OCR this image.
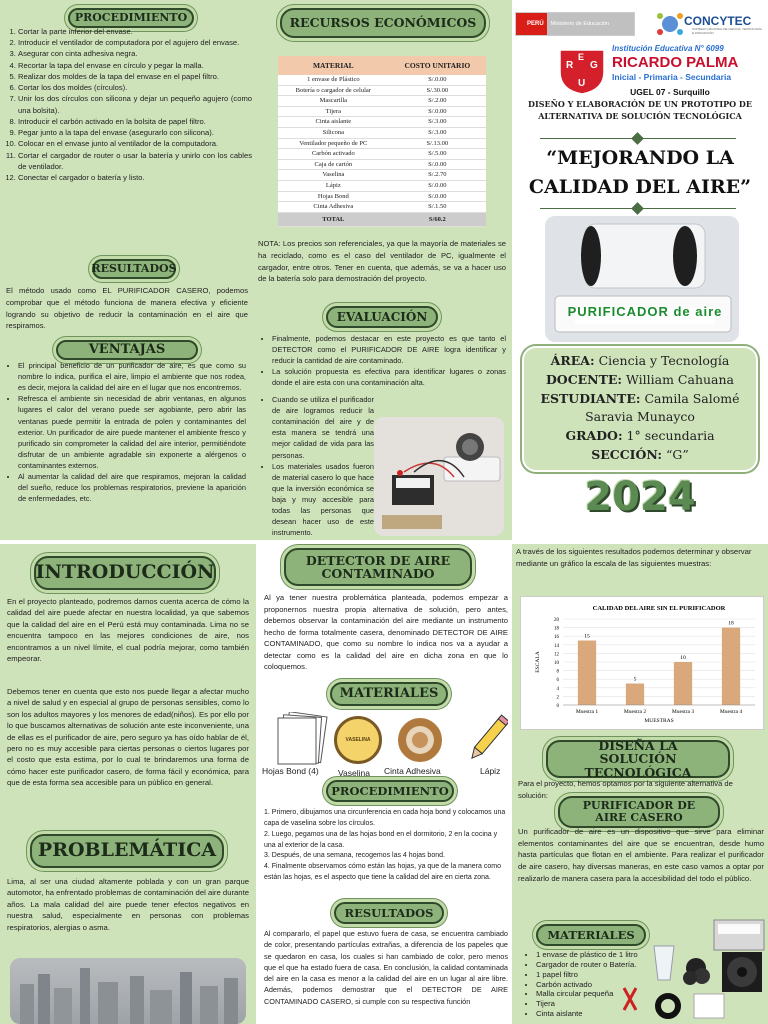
PROCEDIMIENTO
1. Cortar la parte inferior del envase.
2. Introducir el ventilador de computadora por el agujero del envase.
3. Asegurar con cinta adhesiva negra.
4. Recortar la tapa del envase en círculo y pegar la malla.
5. Realizar dos moldes de la tapa del envase en el papel filtro.
6. Cortar los dos moldes (círculos).
7. Unir los dos círculos con silicona y dejar un pequeño agujero (como una bolsita).
8. Introducir el carbón activado en la bolsita de papel filtro.
9. Pegar junto a la tapa del envase (asegurarlo con silicona).
10. Colocar en el envase junto al ventilador de la computadora.
11. Cortar el cargador de router o usar la batería y unirlo con los cables de ventilador.
12. Conectar el cargador o batería y listo.
RESULTADOS
El método usado como EL PURIFICADOR CASERO, podemos comprobar que el método funciona de manera efectiva y eficiente logrando su objetivo de reducir la contaminación en el aire que respiramos.
VENTAJAS
• El principal beneficio de un purificador de aire, es que como su nombre lo indica, purifica el aire, limpio el ambiente que nos rodea, es decir, mejora la calidad del aire en el lugar que nos encontremos.
• Refresca el ambiente sin necesidad de abrir ventanas, en algunos lugares el calor del verano puede ser agobiante, pero abrir las ventanas puede permitir la entrada de polen y contaminantes del exterior. Un purificador de aire puede mantener el ambiente fresco y purificado sin comprometer la calidad del aire interior, permitiéndote disfrutar de un ambiente agradable sin exponerte a alérgenos o contaminantes externos.
• Al aumentar la calidad del aire que respiramos, mejoran la calidad del sueño, reduce los problemas respiratorios, previene la aparición de enfermedades, etc.
RECURSOS ECONÓMICOS
MATERIAL	COSTO UNITARIO
1 envase de Plástico	S/.0.00
Botería o cargador de celular	S/.30.00
Mascarilla	S/.2.00
Tijera	S/.0.00
Cinta aislante	S/.3.00
Silicona	S/.3.00
Ventilador pequeño de PC	S/.13.00
Carbón activado	S/.5.00
Caja de cartón	S/.0.00
Vaselina	S/.2.70
Lápiz	S/.0.00
Hojas Bond	S/.0.00
Cinta Adhesiva	S/.1.50
TOTAL	S/60.2
NOTA: Los precios son referenciales, ya que la mayoría de materiales se ha reciclado, como es el caso del ventilador de PC, igualmente el cargador, entre otros. Tener en cuenta, que además, se va a hacer uso de la batería solo para demostración del proyecto.
EVALUACIÓN
• Finalmente, podemos destacar en este proyecto es que tanto el DETECTOR como el PURIFICADOR DE AIRE logra identificar y reducir la cantidad de aire contaminado.
• La solución propuesta es efectiva para identificar lugares o zonas donde el aire esta con una contaminación alta.
• Cuando se utiliza el purificador de aire logramos reducir la contaminación del aire y de esta manera se tendrá una mejor calidad de vida para las personas.
• Los materiales usados fueron de material casero lo que hace que la inversión económica se baja y muy accesible para todas las personas que desean hacer uso de este instrumento.
PERÚ	Ministerio de Educación	CONCYTEC
CONSEJO NACIONAL DE CIENCIA, TECNOLOGÍA E INNOVACIÓN
R G
U
E
Institución Educativa N° 6099
RICARDO PALMA
Inicial - Primaria - Secundaria
UGEL 07 - Surquillo
DISEÑO Y ELABORACIÓN DE UN PROTOTIPO DE ALTERNATIVA DE SOLUCIÓN TECNOLÓGICA
“MEJORANDO LA CALIDAD DEL AIRE”
PURIFICADOR de aire
ÁREA: Ciencia y Tecnología
DOCENTE: William Cahuana
ESTUDIANTE: Camila Salomé Saravia Munayco
GRADO: 1° secundaria
SECCIÓN: “G”
2024
INTRODUCCIÓN
En el proyecto planteado, podremos darnos cuenta acerca de cómo la calidad del aire puede afectar en nuestra localidad, ya que sabemos que la calidad del aire en el Perú está muy contaminada. Lima no se encuentra tampoco en las mejores condiciones de aire, nos encontramos a un nivel límite, el cual podría mejorar, como también empeorar.
Debemos tener en cuenta que esto nos puede llegar a afectar mucho a nivel de salud y en especial al grupo de personas sensibles, como lo son los adultos mayores y los menores de edad(niños). Es por ello por lo que buscamos alternativas de solución ante este inconveniente, una de ellas es el purificador de aire, pero seguro ya has oído hablar de él, pero no es muy accesible para ciertas personas o ciertos lugares por el costo que esta estima, por lo cual te brindaremos una forma de cómo hacer este purificador casero, de forma fácil y económica, para que de esta forma sea accesible para un público en general.
PROBLEMÁTICA
Lima, al ser una ciudad altamente poblada y con un gran parque automotor, ha enfrentado problemas de contaminación del aire durante años. La mala calidad del aire puede tener efectos negativos en nuestra salud, especialmente en personas con problemas respiratorios, alergias o asma.
DETECTOR DE AIRE CONTAMINADO
Al ya tener nuestra problemática planteada, podemos empezar a proponernos nuestra propia alternativa de solución, pero antes, debemos observar la contaminación del aire mediante un instrumento hecho de forma totalmente casera, denominado DETECTOR DE AIRE CONTAMINADO, que como su nombre lo indica nos va a ayudar a detectar como es la calidad del aire en dicha zona en que lo coloquemos.
MATERIALES
VASELINA
Hojas Bond (4) Vaselina Cinta Adhesiva	Lápiz
PROCEDIMIENTO
1. Primero, dibujamos una circunferencia en cada hoja bond y colocamos una capa de vaselina sobre los círculos.
2. Luego, pegamos una de las hojas bond en el dormitorio, 2 en la cocina y una al exterior de la casa.
3. Después, de una semana, recogemos las 4 hojas bond.
4. Finalmente observamos cómo están las hojas, ya que de la manera como están las hojas, es el aspecto que tiene la calidad del aire en cierta zona.
RESULTADOS
Al compararlo, el papel que estuvo fuera de casa, se encuentra cambiado de color, presentando partículas extrañas, a diferencia de los papeles que se quedaron en casa, los cuales si han cambiado de color, pero menos que el que ha estado fuera de casa. En conclusión, la calidad contaminada del aire en la casa es menor a la calidad del aire en un lugar al aire libre. Además, podemos demostrar que el DETECTOR DE AIRE CONTAMINADO CASERO, si cumple con su respectiva función
A través de los siguientes resultados podemos determinar y observar mediante un gráfico la escala de las siguientes muestras:
CALIDAD DEL AIRE SIN EL PURIFICADOR
0
2
4
6
8
10
12
14
16
18
20
15
Muestra 1
5
Muestra 2
10
Muestra 3
18
Muestra 4
MUESTRAS
ESCALA
DISEÑA LA SOLUCIÓN TECNOLÓGICA
Para el proyecto, hemos optamos por la siguiente alternativa de solución:
PURIFICADOR DE AIRE CASERO
Un purificador de aire es un dispositivo que sirve para eliminar elementos contaminantes del aire que se encuentran, desde humo hasta partículas que flotan en el ambiente. Para realizar el purificador de aire casero, hay diversas maneras, en este caso vamos a optar por realizarlo de manera casera para la accesibilidad del todo el público.
MATERIALES
• 1 envase de plástico de 1 litro
• Cargador de router o Batería.
• 1 papel filtro
• Carbón activado
• Malla circular pequeña
• Tijera
• Cinta aislante
